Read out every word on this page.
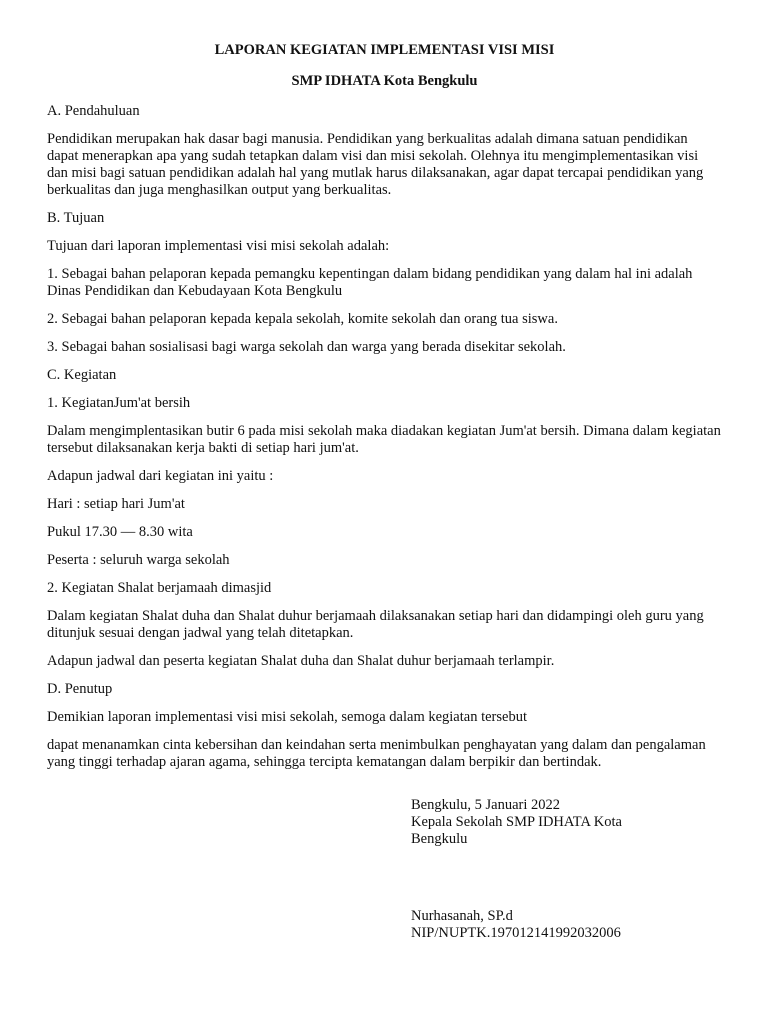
LAPORAN KEGIATAN IMPLEMENTASI VISI MISI
SMP IDHATA Kota Bengkulu

A. Pendahuluan

Pendidikan merupakan hak dasar bagi manusia. Pendidikan yang berkualitas adalah dimana satuan pendidikan dapat menerapkan apa yang sudah tetapkan dalam visi dan misi sekolah. Olehnya itu mengimplementasikan visi dan misi bagi satuan pendidikan adalah hal yang mutlak harus dilaksanakan, agar dapat tercapai pendidikan yang berkualitas dan juga menghasilkan output yang berkualitas.

B. Tujuan

Tujuan dari laporan implementasi visi misi sekolah adalah:

1. Sebagai bahan pelaporan kepada pemangku kepentingan dalam bidang pendidikan yang dalam hal ini adalah Dinas Pendidikan dan Kebudayaan Kota Bengkulu

2. Sebagai bahan pelaporan kepada kepala sekolah, komite sekolah dan orang tua siswa.

3. Sebagai bahan sosialisasi bagi warga sekolah dan warga yang berada disekitar sekolah.

C. Kegiatan

1. KegiatanJum'at bersih

Dalam mengimplentasikan butir 6 pada misi sekolah maka diadakan kegiatan Jum'at bersih. Dimana dalam kegiatan tersebut dilaksanakan kerja bakti di setiap hari jum'at.

Adapun jadwal dari kegiatan ini yaitu :

Hari : setiap hari Jum'at

Pukul 17.30 — 8.30 wita

Peserta : seluruh warga sekolah

2. Kegiatan Shalat berjamaah dimasjid

Dalam kegiatan Shalat duha dan Shalat duhur berjamaah dilaksanakan setiap hari dan didampingi oleh guru yang ditunjuk sesuai dengan jadwal yang telah ditetapkan.

Adapun jadwal dan peserta kegiatan Shalat duha dan Shalat duhur berjamaah terlampir.

D. Penutup

Demikian laporan implementasi visi misi sekolah, semoga dalam kegiatan tersebut

dapat menanamkan cinta kebersihan dan keindahan serta menimbulkan penghayatan yang dalam dan pengalaman yang tinggi terhadap ajaran agama, sehingga tercipta kematangan dalam berpikir dan bertindak.

Bengkulu, 5 Januari 2022
Kepala Sekolah SMP IDHATA Kota
Bengkulu
Nurhasanah, SP.d
NIP/NUPTK.197012141992032006
